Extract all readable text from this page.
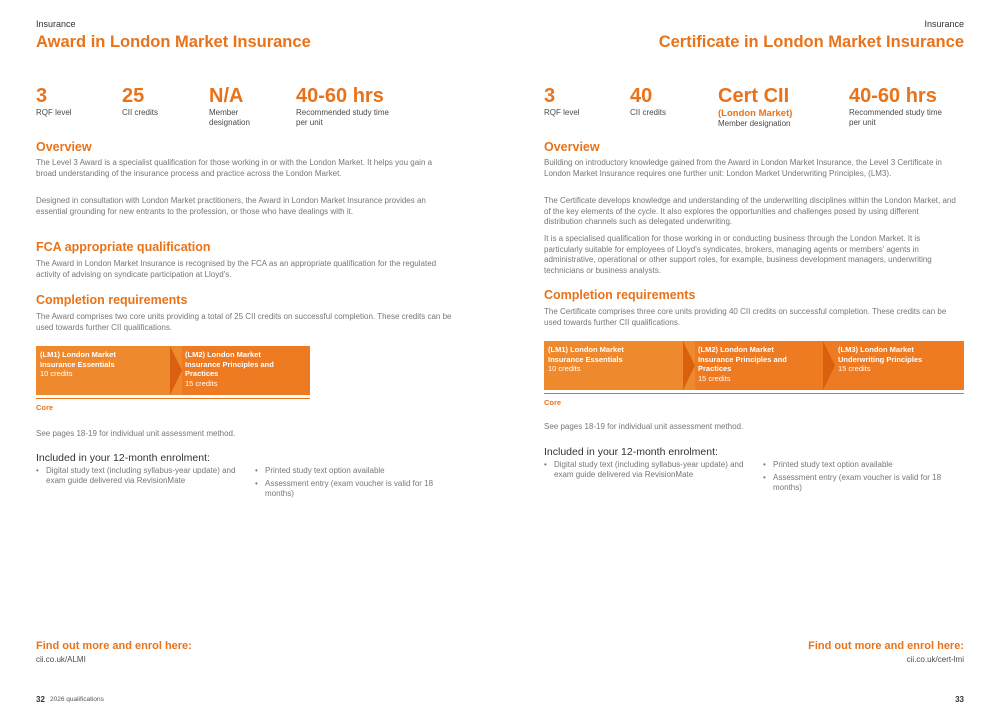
Insurance
Award in London Market Insurance
3
RQF level
25
CII credits
N/A
Member designation
40-60 hrs
Recommended study time per unit
Overview
The Level 3 Award is a specialist qualification for those working in or with the London Market. It helps you gain a broad understanding of the insurance process and practice across the London Market.
Designed in consultation with London Market practitioners, the Award in London Market Insurance provides an essential grounding for new entrants to the profession, or those who have dealings with it.
FCA appropriate qualification
The Award in London Market Insurance is recognised by the FCA as an appropriate qualification for the regulated activity of advising on syndicate participation at Lloyd's.
Completion requirements
The Award comprises two core units providing a total of 25 CII credits on successful completion. These credits can be used towards further CII qualifications.
(LM1) London Market Insurance Essentials
10 credits
(LM2) London Market Insurance Principles and Practices
15 credits
Core
See pages 18-19 for individual unit assessment method.
Included in your 12-month enrolment:
• Digital study text (including syllabus-year update) and exam guide delivered via RevisionMate
• Printed study text option available
• Assessment entry (exam voucher is valid for 18 months)
Find out more and enrol here:
cii.co.uk/ALMI
32 2026 qualifications
Insurance
Certificate in London Market Insurance
3
RQF level
40
CII credits
Cert CII
(London Market)
Member designation
40-60 hrs
Recommended study time per unit
Overview
Building on introductory knowledge gained from the Award in London Market Insurance, the Level 3 Certificate in London Market Insurance requires one further unit: London Market Underwriting Principles, (LM3).
The Certificate develops knowledge and understanding of the underwriting disciplines within the London Market, and of the key elements of the cycle. It also explores the opportunities and challenges posed by using different distribution channels such as delegated underwriting.
It is a specialised qualification for those working in or conducting business through the London Market. It is particularly suitable for employees of Lloyd's syndicates, brokers, managing agents or members' agents in administrative, operational or other support roles, for example, business development managers, underwriting technicians or business analysts.
Completion requirements
The Certificate comprises three core units providing 40 CII credits on successful completion. These credits can be used towards further CII qualifications.
(LM1) London Market Insurance Essentials
10 credits
(LM2) London Market Insurance Principles and Practices
15 credits
(LM3) London Market Underwriting Principles
15 credits
Core
See pages 18-19 for individual unit assessment method.
Included in your 12-month enrolment:
• Digital study text (including syllabus-year update) and exam guide delivered via RevisionMate
• Printed study text option available
• Assessment entry (exam voucher is valid for 18 months)
Find out more and enrol here:
cii.co.uk/cert-lmi
33
